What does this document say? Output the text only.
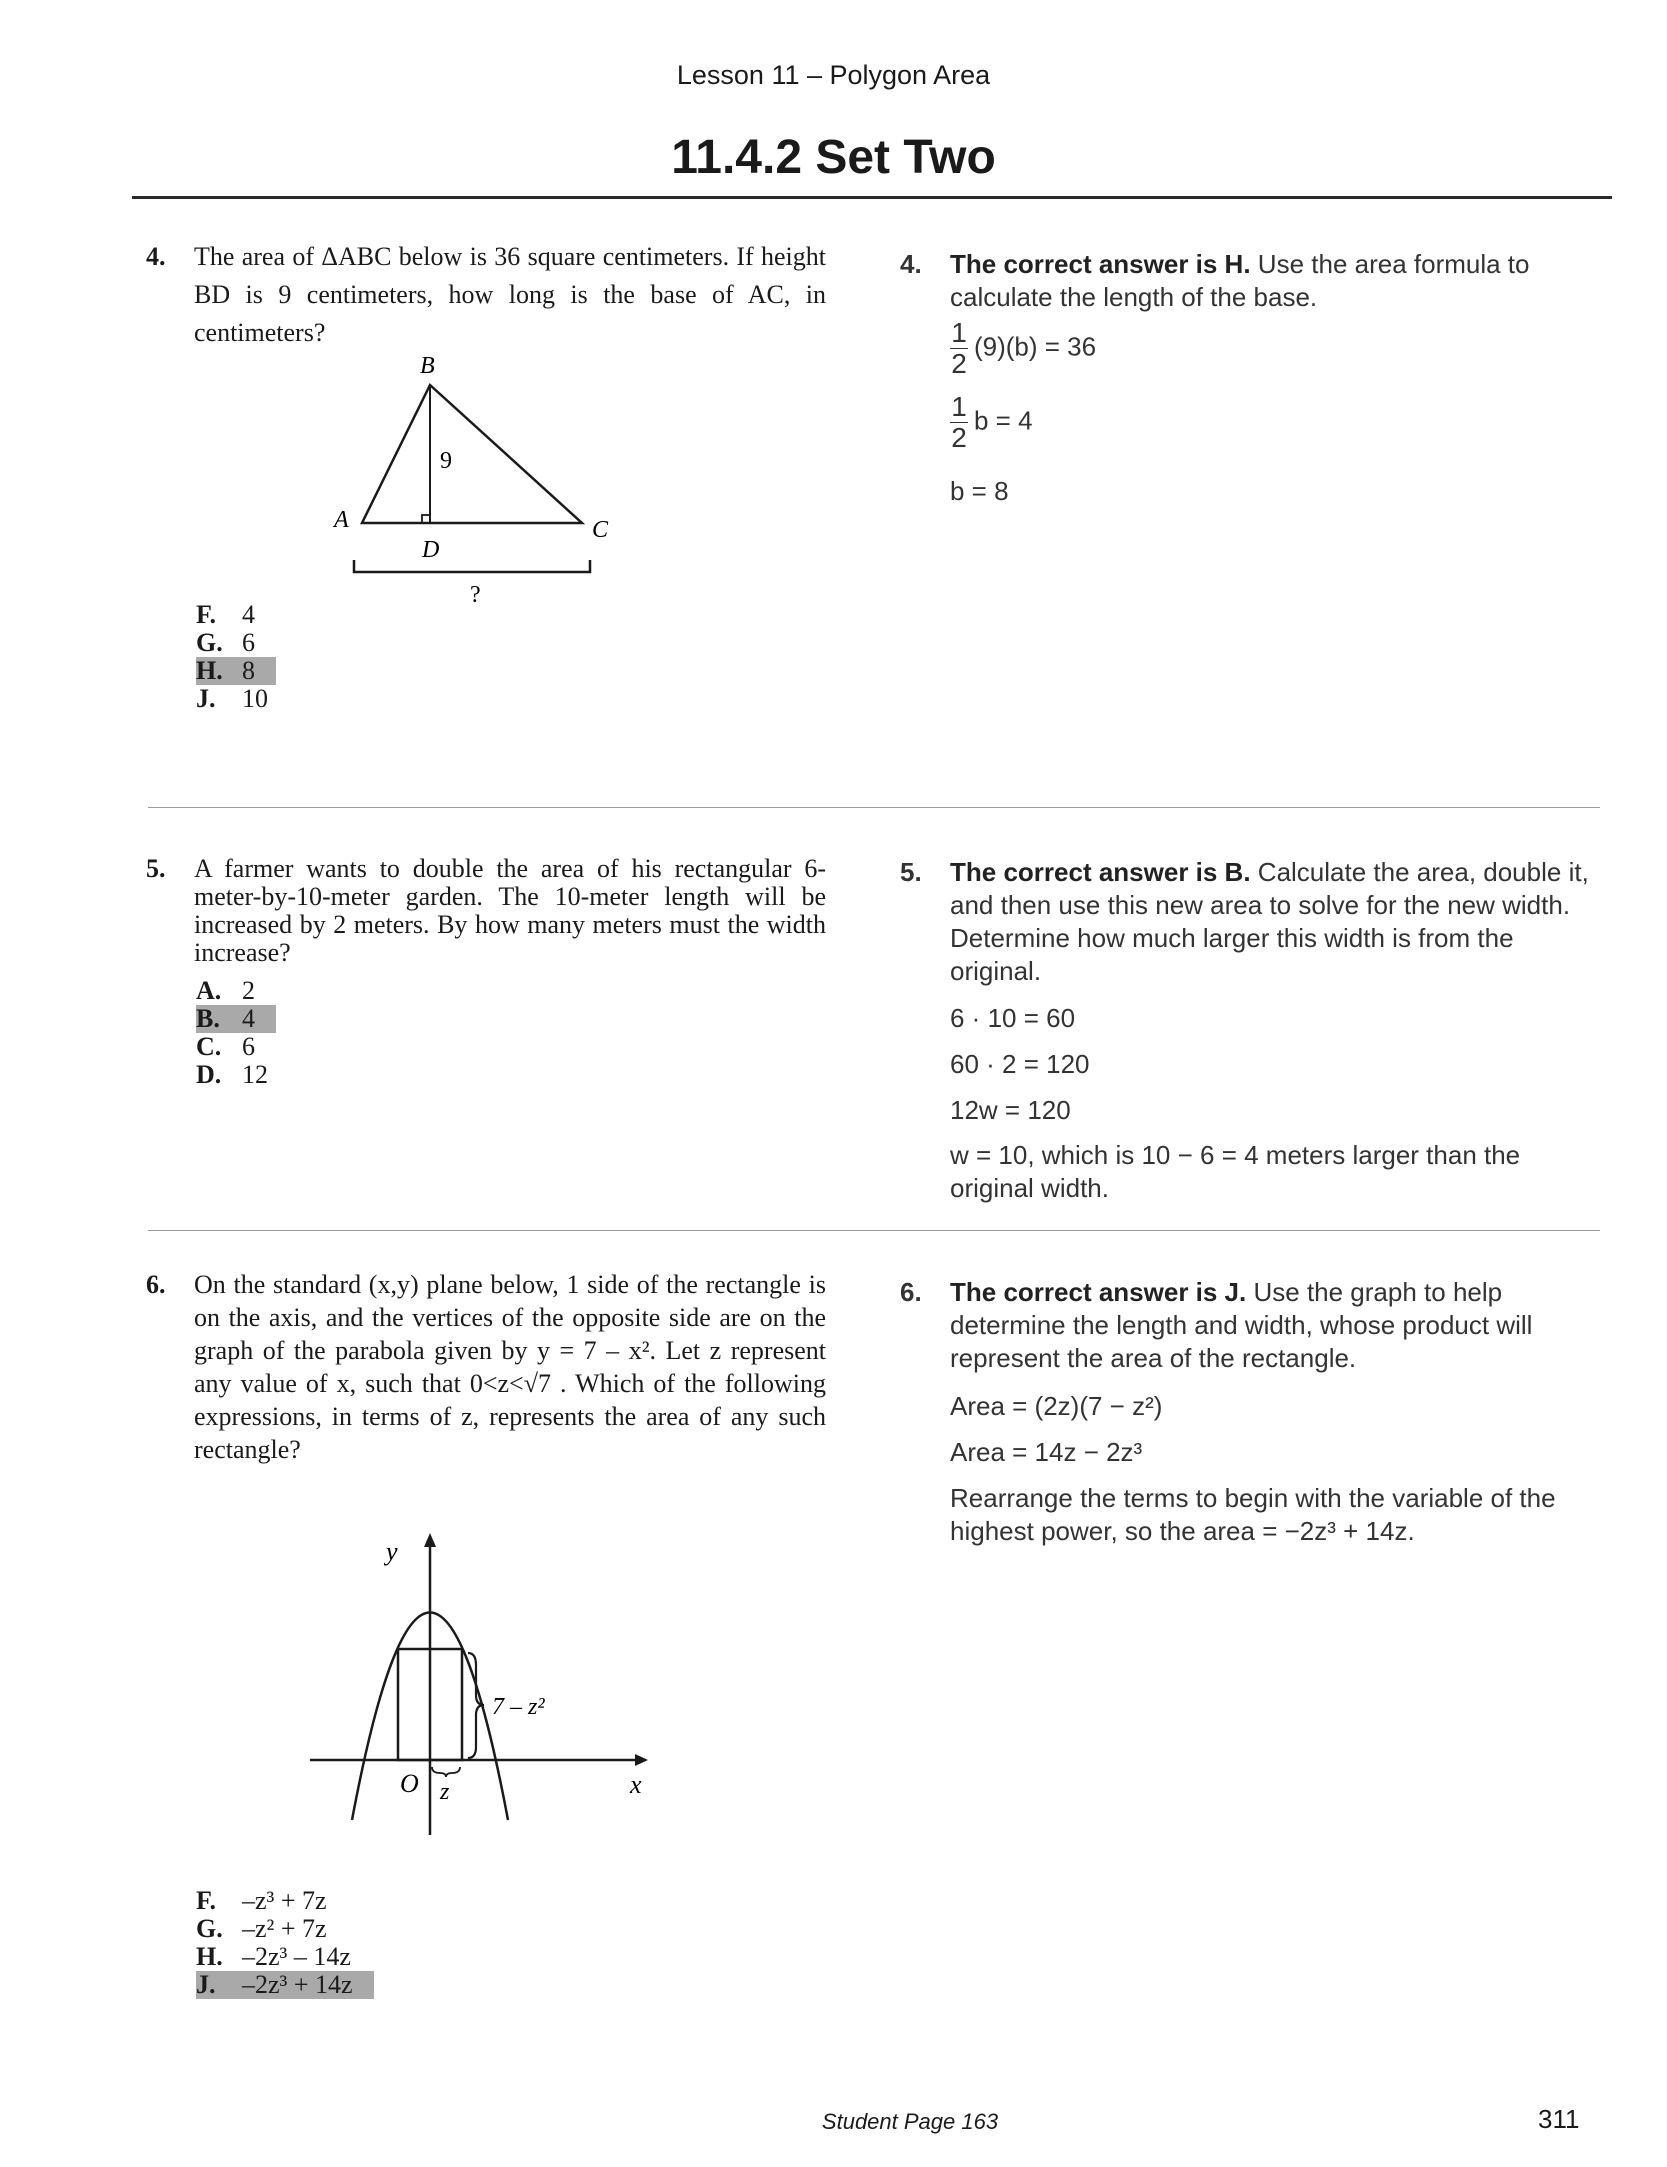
Lesson 11 – Polygon Area
11.4.2 Set Two
4. The area of ΔABC below is 36 square centimeters. If height BD is 9 centimeters, how long is the base of AC, in centimeters?
B
A	C
D
9
?
F. 4
G. 6
H. 8
J. 10
4. The correct answer is H. Use the area formula to calculate the length of the base.
$\frac{1}{2} (9)(b) = 36$
$\frac{1}{2}$ b = 4
b = 8
5. A farmer wants to double the area of his rectangular 6-meter-by-10-meter garden. The 10-meter length will be increased by 2 meters. By how many meters must the width increase?
A. 2
B. 4
C. 6
D. 12
5. The correct answer is B. Calculate the area, double it, and then use this new area to solve for the new width. Determine how much larger this width is from the original.
6 · 10 = 60
60 · 2 = 120
12w = 120
w = 10, which is 10 − 6 = 4 meters larger than the original width.
6. On the standard (x,y) plane below, 1 side of the rectangle is on the axis, and the vertices of the opposite side are on the graph of the parabola given by y = 7 – x². Let z represent any value of x, such that 0<z<√7 . Which of the following expressions, in terms of z, represents the area of any such rectangle?
y
x
O z
7 – z²
F. –z³ + 7z
G. –z² + 7z
H. –2z³ – 14z
J. –2z³ + 14z
6. The correct answer is J. Use the graph to help determine the length and width, whose product will represent the area of the rectangle.
Area = (2z)(7 − z²)
Area = 14z − 2z³
Rearrange the terms to begin with the variable of the highest power, so the area = −2z³ + 14z.
Student Page 163	311
